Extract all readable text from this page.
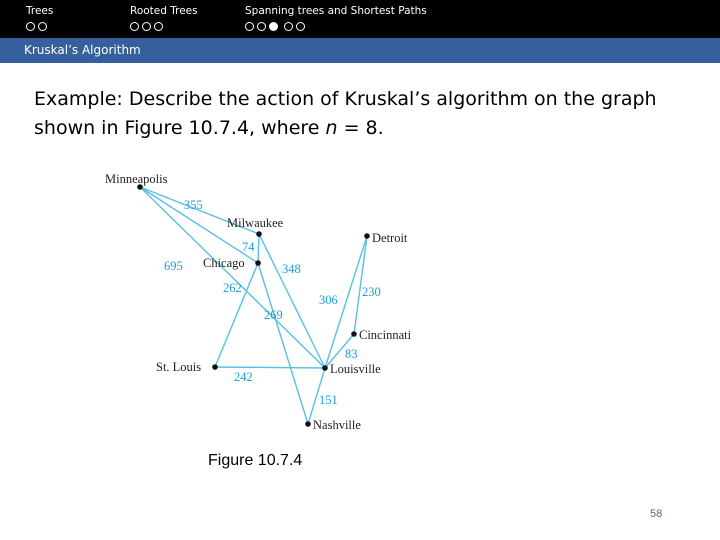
Trees	Rooted Trees	Spanning trees and Shortest Paths
Kruskal’s Algorithm
Example: Describe the action of Kruskal’s algorithm on the graph shown in Figure 10.7.4, where n = 8.
355
695
74
348
262
269
306
230
83
242
151
Minneapolis
Milwaukee
Chicago
Detroit
Cincinnati
St. Louis	Louisville
Nashville
Figure 10.7.4
58
